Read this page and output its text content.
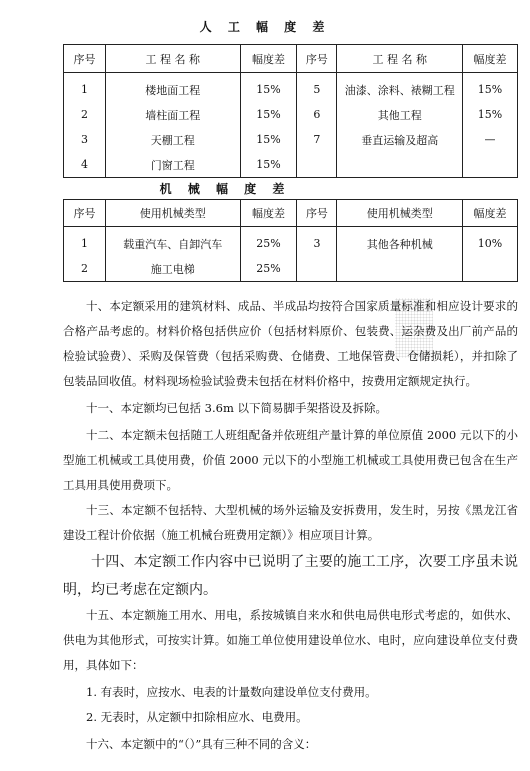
人 工 幅 度 差
序号	工 程 名 称	幅度差	序号	工 程 名 称	幅度差
1	楼地面工程	15%	5	油漆、涂料、裱糊工程	15%
2	墙柱面工程	15%	6	其他工程	15%
3	天棚工程	15%	7	垂直运输及超高	—
4	门窗工程	15%			
机 械 幅 度 差
序号	使用机械类型	幅度差	序号	使用机械类型	幅度差
1	载重汽车、自卸汽车	25%	3	其他各种机械	10%
2	施工电梯	25%			
十、本定额采用的建筑材料、成品、半成品均按符合国家质量标准和相应设计要求的合格产品考虑的。材料价格包括供应价（包括材料原价、包装费、运杂费及出厂前产品的检验试验费）、采购及保管费（包括采购费、仓储费、工地保管费、仓储损耗），并扣除了包装品回收值。材料现场检验试验费未包括在材料价格中，按费用定额规定执行。
十一、本定额均已包括 3.6m 以下简易脚手架搭设及拆除。
十二、本定额未包括随工人班组配备并依班组产量计算的单位原值 2000 元以下的小型施工机械或工具使用费，价值 2000 元以下的小型施工机械或工具使用费已包含在生产工具用具使用费项下。
十三、本定额不包括特、大型机械的场外运输及安拆费用，发生时，另按《黑龙江省建设工程计价依据（施工机械台班费用定额）》相应项目计算。
十四、本定额工作内容中已说明了主要的施工工序，次要工序虽未说明，均已考虑在定额内。
十五、本定额施工用水、用电，系按城镇自来水和供电局供电形式考虑的，如供水、供电为其他形式，可按实计算。如施工单位使用建设单位水、电时，应向建设单位支付费用，具体如下：
1. 有表时，应按水、电表的计量数向建设单位支付费用。
2. 无表时，从定额中扣除相应水、电费用。
十六、本定额中的“（）”具有三种不同的含义：
